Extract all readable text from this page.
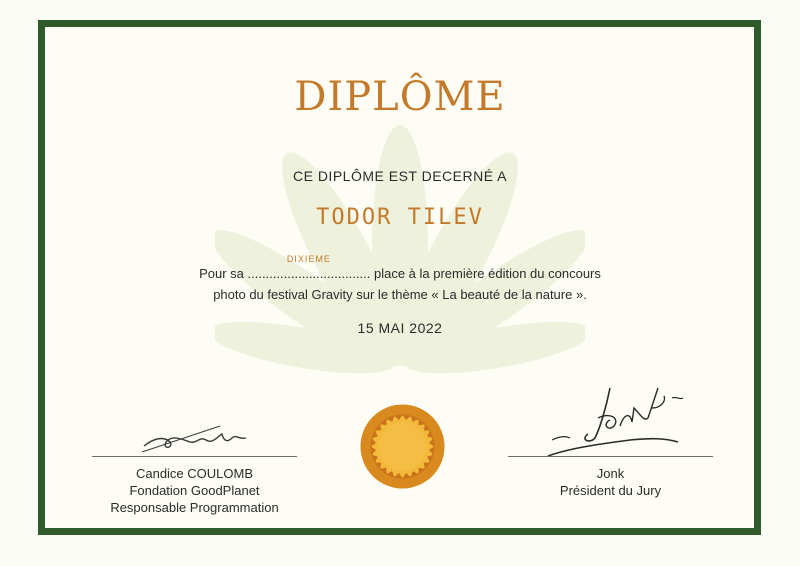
DIPLÔME
CE DIPLÔME EST DECERNÉ A
TODOR TILEV
Pour sa
DIXIEME
.................................. place à la première édition du concours
photo du festival Gravity sur le thème « La beauté de la nature ».
15 MAI 2022
Candice COULOMB
Fondation GoodPlanet
Responsable Programmation
Jonk
Président du Jury
